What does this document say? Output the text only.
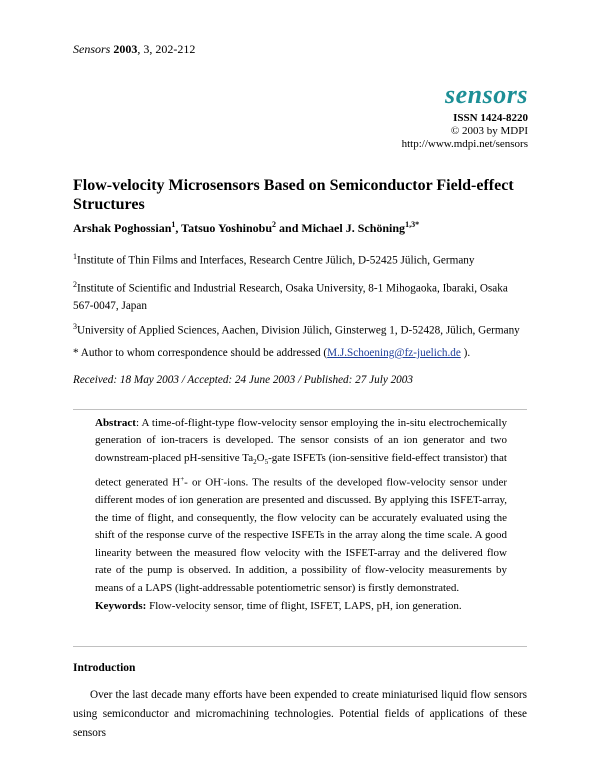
Sensors 2003, 3, 202-212
sensors
ISSN 1424-8220
© 2003 by MDPI
http://www.mdpi.net/sensors
Flow-velocity Microsensors Based on Semiconductor Field-effect Structures
Arshak Poghossian$^1$, Tatsuo Yoshinobu$^2$ and Michael J. Schöning$^{1,3*}$
$^1$Institute of Thin Films and Interfaces, Research Centre Jülich, D-52425 Jülich, Germany
$^2$Institute of Scientific and Industrial Research, Osaka University, 8-1 Mihogaoka, Ibaraki, Osaka 567-0047, Japan
$^3$University of Applied Sciences, Aachen, Division Jülich, Ginsterweg 1, D-52428, Jülich, Germany
* Author to whom correspondence should be addressed (M.J.Schoening@fz-juelich.de ).
Received: 18 May 2003 / Accepted: 24 June 2003 / Published: 27 July 2003
Abstract: A time-of-flight-type flow-velocity sensor employing the in-situ electrochemically generation of ion-tracers is developed. The sensor consists of an ion generator and two downstream-placed pH-sensitive $Ta_2O_5$-gate ISFETs (ion-sensitive field-effect transistor) that detect generated H+- or OH--ions. The results of the developed flow-velocity sensor under different modes of ion generation are presented and discussed. By applying this ISFET-array, the time of flight, and consequently, the flow velocity can be accurately evaluated using the shift of the response curve of the respective ISFETs in the array along the time scale. A good linearity between the measured flow velocity with the ISFET-array and the delivered flow rate of the pump is observed. In addition, a possibility of flow-velocity measurements by means of a LAPS (light-addressable potentiometric sensor) is firstly demonstrated.
Keywords: Flow-velocity sensor, time of flight, ISFET, LAPS, pH, ion generation.
Introduction
Over the last decade many efforts have been expended to create miniaturised liquid flow sensors using semiconductor and micromachining technologies. Potential fields of applications of these sensors
